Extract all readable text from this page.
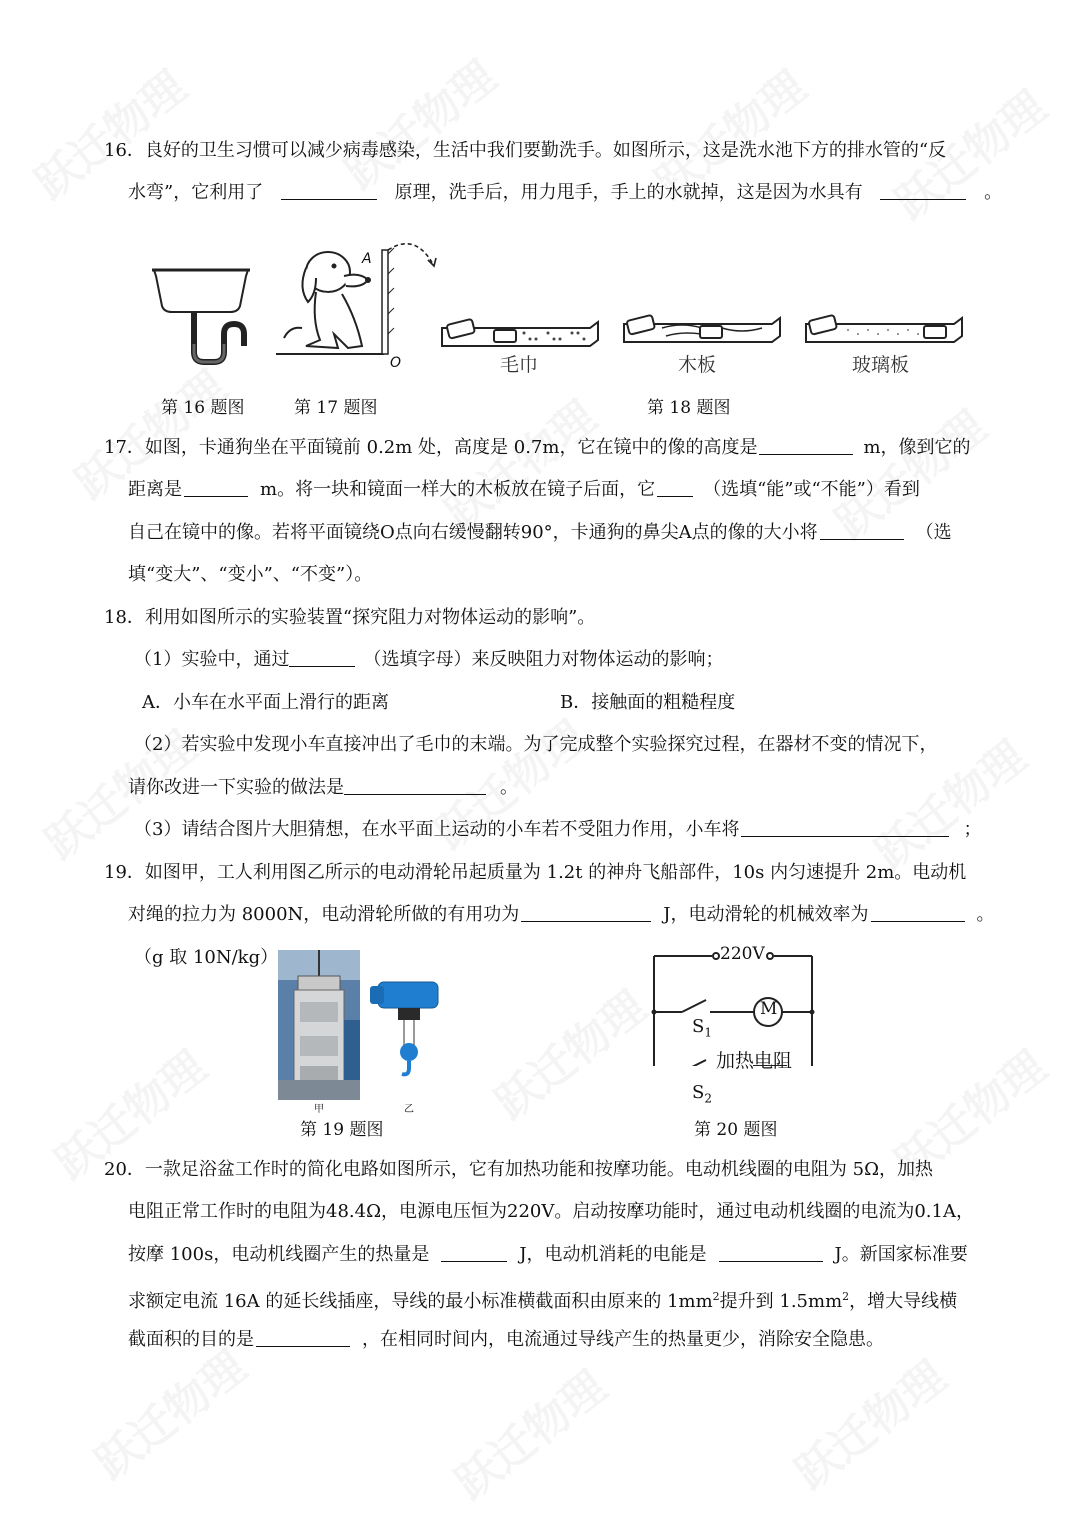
16．良好的卫生习惯可以减少病毒感染，生活中我们要勤洗手。如图所示，这是洗水池下方的排水管的“反
水弯”，它利用了	原理，洗手后，用力甩手，手上的水就掉，这是因为水具有	。
A
O	毛巾	木板	玻璃板
第 16 题图	第 17 题图	第 18 题图
17．如图，卡通狗坐在平面镜前 0.2m 处，高度是 0.7m，它在镜中的像的高度是	m，像到它的
距离是	m。将一块和镜面一样大的木板放在镜子后面，它	（选填“能”或“不能”）看到
自己在镜中的像。若将平面镜绕O点向右缓慢翻转90°，卡通狗的鼻尖A点的像的大小将	（选
填“变大”、“变小”、“不变”）。
18．利用如图所示的实验装置“探究阻力对物体运动的影响”。
（1）实验中，通过	（选填字母）来反映阻力对物体运动的影响；
A．小车在水平面上滑行的距离	B．接触面的粗糙程度
（2）若实验中发现小车直接冲出了毛巾的末端。为了完成整个实验探究过程，在器材不变的情况下，
请你改进一下实验的做法是	。
（3）请结合图片大胆猜想，在水平面上运动的小车若不受阻力作用，小车将	；
19．如图甲，工人利用图乙所示的电动滑轮吊起质量为 1.2t 的神舟飞船部件，10s 内匀速提升 2m。电动机
对绳的拉力为 8000N，电动滑轮所做的有用功为	J，电动滑轮的机械效率为	。
（g 取 10N/kg）
甲	乙
第 19 题图
220V
M
$S_1$
加热电阻
$S_2$
第 20 题图
20．一款足浴盆工作时的简化电路如图所示，它有加热功能和按摩功能。电动机线圈的电阻为 5Ω，加热
电阻正常工作时的电阻为48.4Ω，电源电压恒为220V。启动按摩功能时，通过电动机线圈的电流为0.1A，
按摩 100s，电动机线圈产生的热量是	J，电动机消耗的电能是	J。新国家标准要
求额定电流 16A 的延长线插座，导线的最小标准横截面积由原来的 $1mm^2$提升到 $1.5mm^2$，增大导线横
截面积的目的是	，在相同时间内，电流通过导线产生的热量更少，消除安全隐患。
